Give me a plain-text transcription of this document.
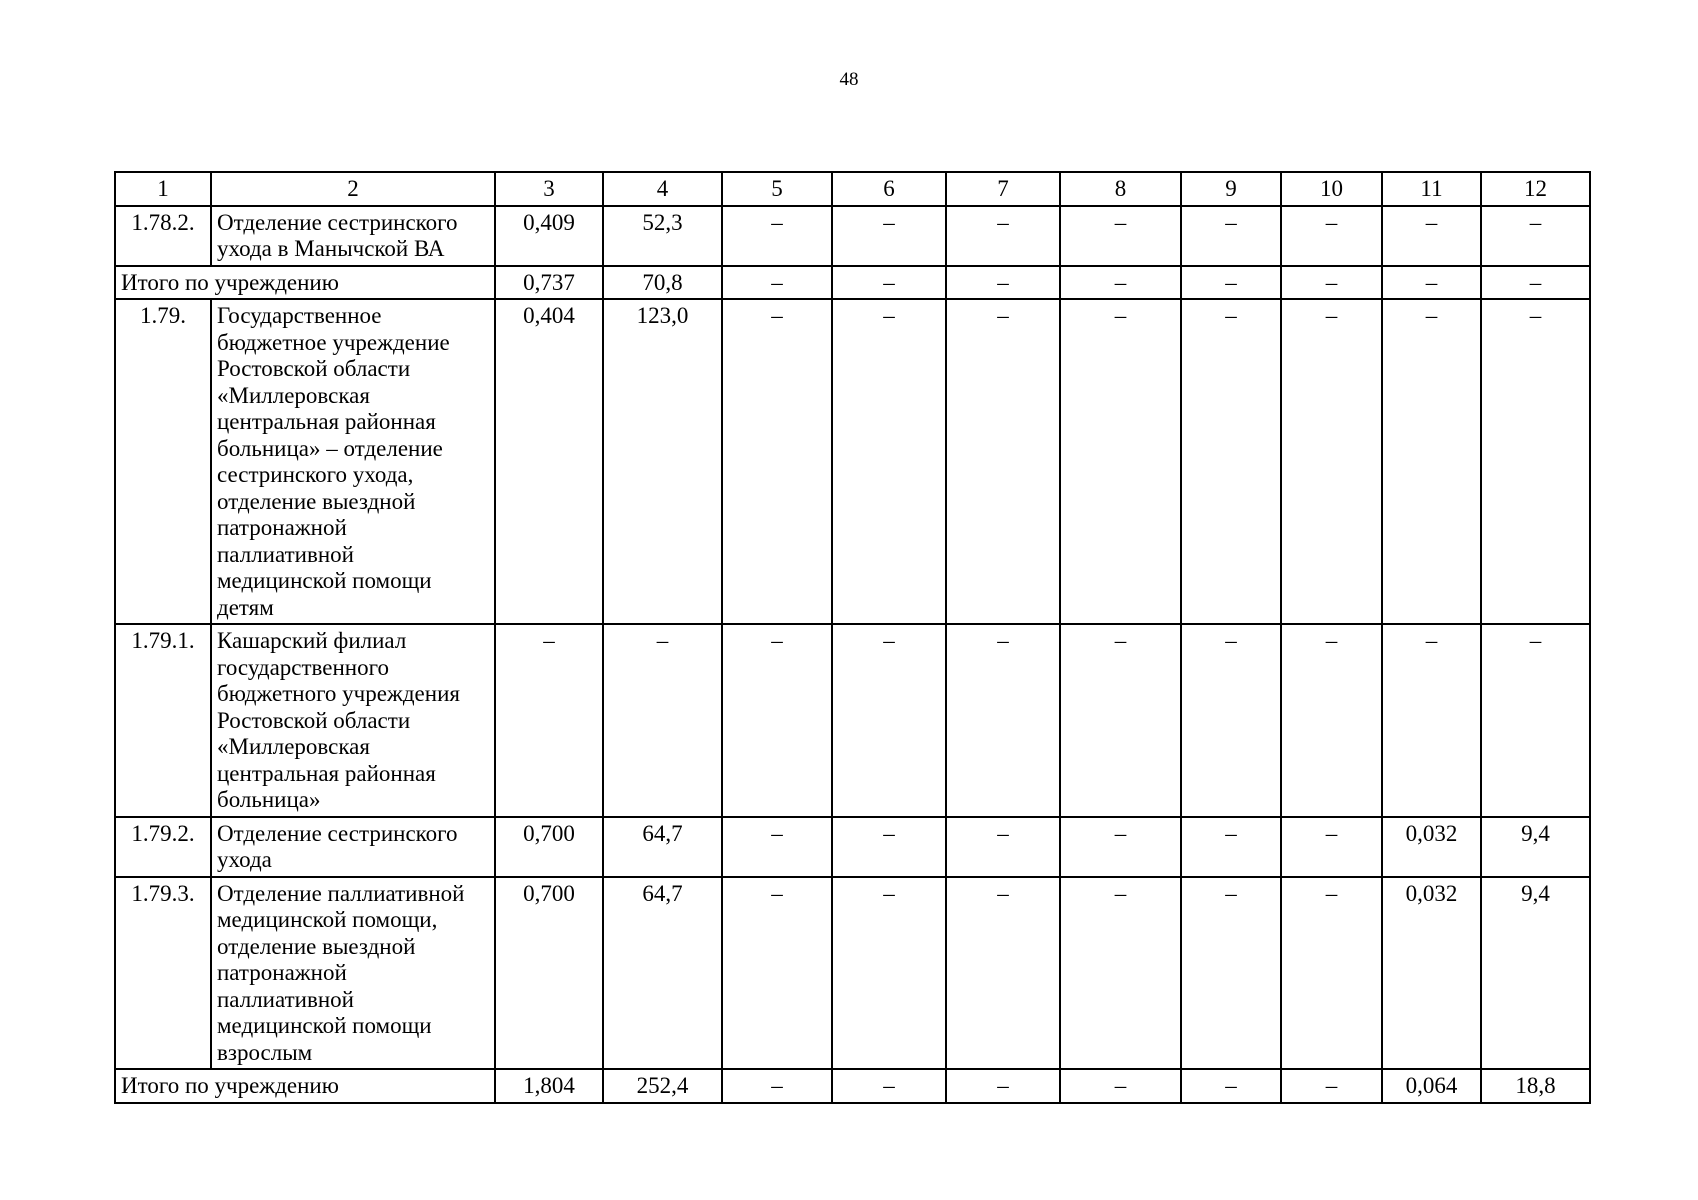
48
1	2	3	4	5	6	7	8	9	10	11	12
1.78.2.	Отделение сестринского ухода в Манычской ВА	0,409	52,3	–	–	–	–	–	–	–	–
Итого по учреждению		0,737	70,8	–	–	–	–	–	–	–	–
1.79.	Государственное бюджетное учреждение Ростовской области «Миллеровская центральная районная больница» – отделение сестринского ухода, отделение выездной патронажной паллиативной медицинской помощи детям	0,404	123,0	–	–	–	–	–	–	–	–
1.79.1.	Кашарский филиал государственного бюджетного учреждения Ростовской области «Миллеровская центральная районная больница»	–	–	–	–	–	–	–	–	–	–
1.79.2.	Отделение сестринского ухода	0,700	64,7	–	–	–	–	–	–	0,032	9,4
1.79.3.	Отделение паллиативной медицинской помощи, отделение выездной патронажной паллиативной медицинской помощи взрослым	0,700	64,7	–	–	–	–	–	–	0,032	9,4
Итого по учреждению		1,804	252,4	–	–	–	–	–	–	0,064	18,8
